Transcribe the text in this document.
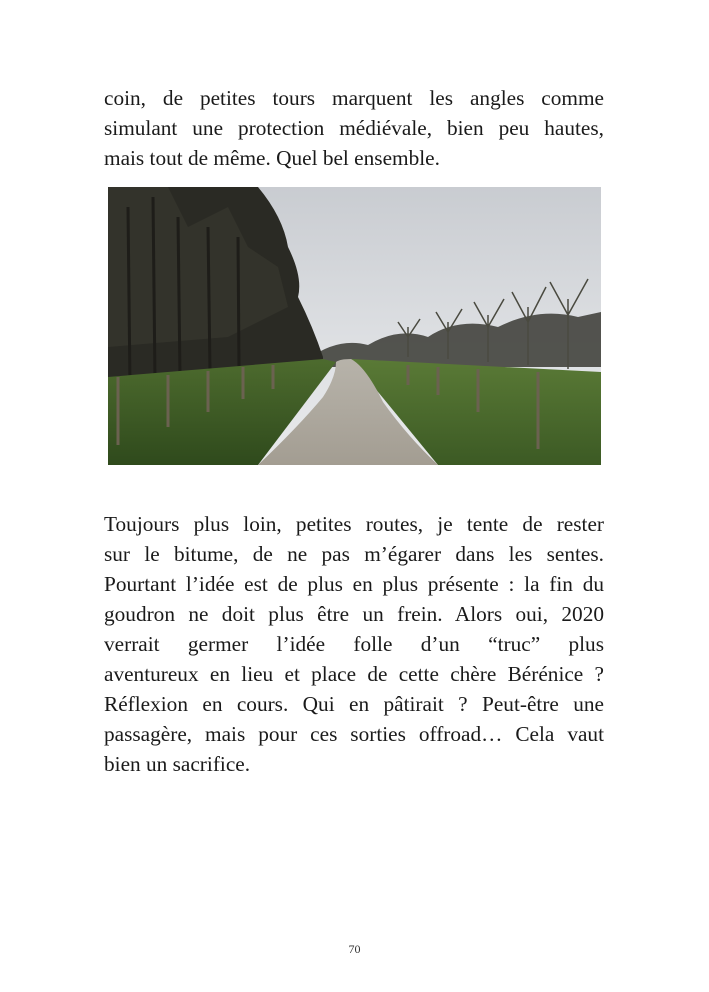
coin, de petites tours marquent les angles comme
simulant une protection médiévale, bien peu hautes,
mais tout de même. Quel bel ensemble.
Toujours plus loin, petites routes, je tente de rester
sur le bitume, de ne pas m’égarer dans les sentes.
Pourtant l’idée est de plus en plus présente : la fin du
goudron ne doit plus être un frein. Alors oui, 2020
verrait germer l’idée folle d’un “truc” plus
aventureux en lieu et place de cette chère Bérénice ?
Réflexion en cours. Qui en pâtirait ? Peut-être une
passagère, mais pour ces sorties offroad… Cela vaut
bien un sacrifice.
70
